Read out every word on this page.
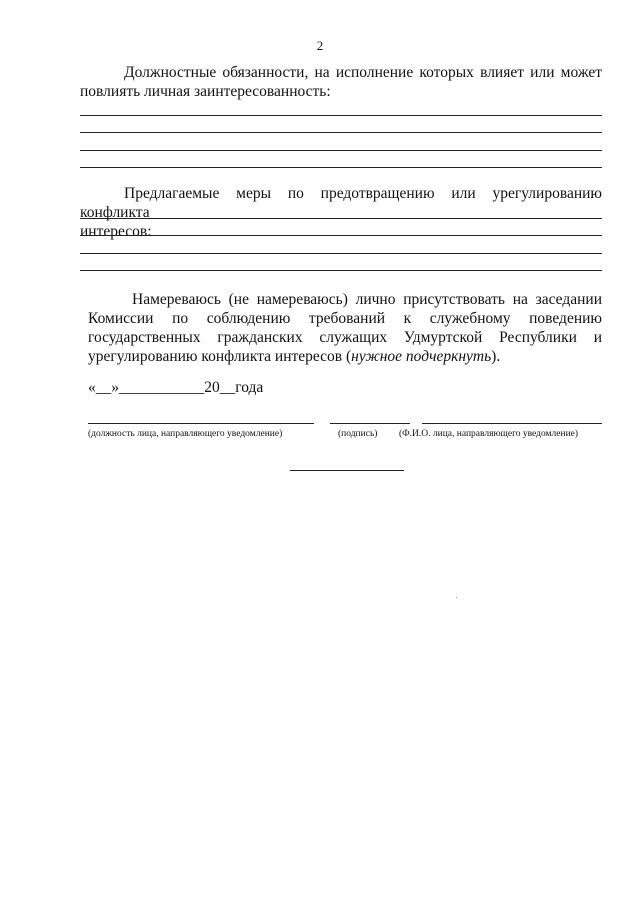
2
Должностные обязанности, на исполнение которых влияет или может
повлиять личная заинтересованность:
Предлагаемые меры по предотвращению или урегулированию конфликта
интересов:
Намереваюсь (не намереваюсь) лично присутствовать на заседании
Комиссии по соблюдению требований к служебному поведению
государственных гражданских служащих Удмуртской Республики и
урегулированию конфликта интересов (нужное подчеркнуть).
«__»___________20__года
(должность лица, направляющего уведомление)	(подпись) (Ф.И.О. лица, направляющего уведомление)
